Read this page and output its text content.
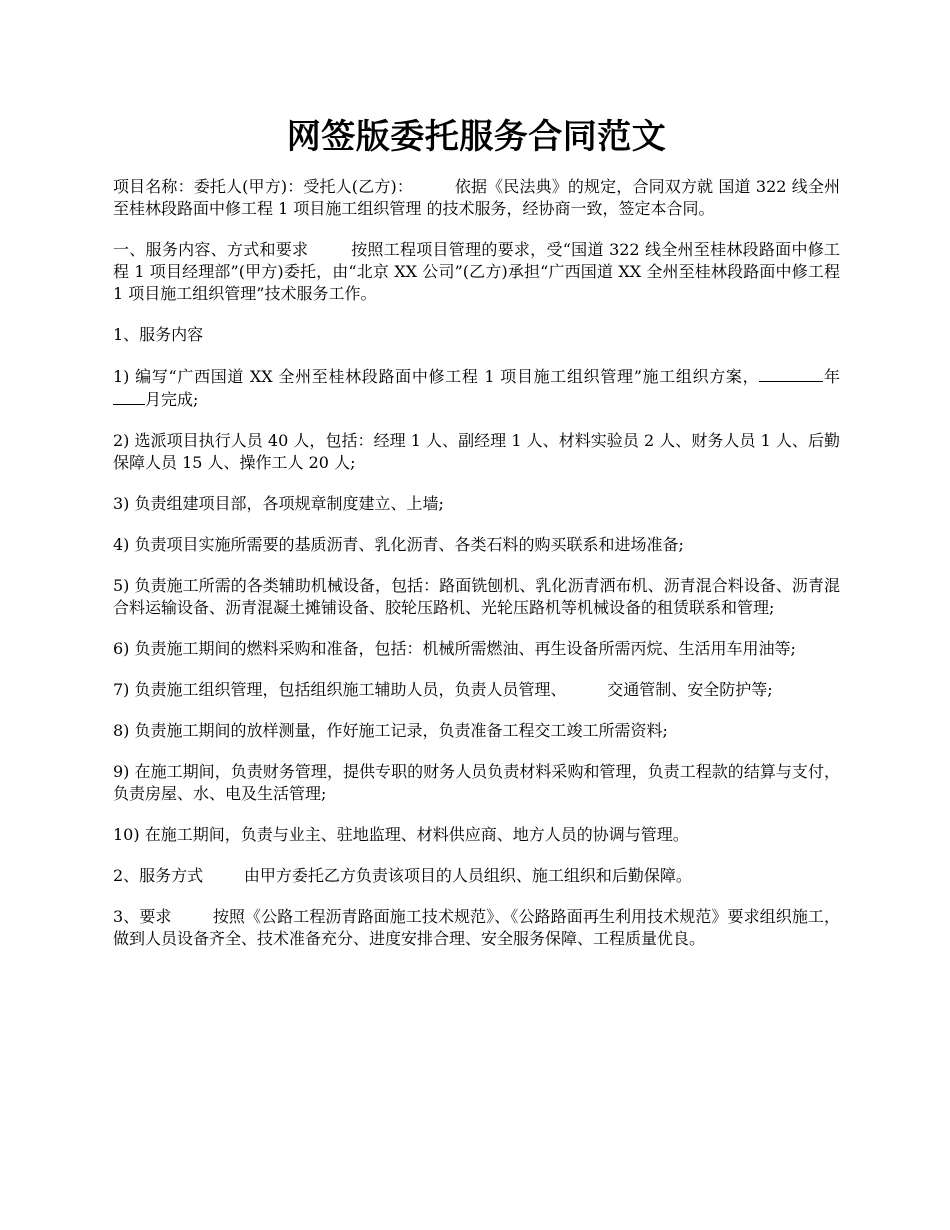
网签版委托服务合同范文

项目名称：委托人(甲方)：受托人(乙方)：        依据《民法典》的规定，合同双方就 国道 322 线全州至桂林段路面中修工程 1 项目施工组织管理 的技术服务，经协商一致，签定本合同。

一、服务内容、方式和要求        按照工程项目管理的要求，受“国道 322 线全州至桂林段路面中修工程 1 项目经理部”(甲方)委托，由“北京 XX 公司”(乙方)承担“广西国道 XX 全州至桂林段路面中修工程 1 项目施工组织管理”技术服务工作。

1、服务内容

1) 编写“广西国道 XX 全州至桂林段路面中修工程 1 项目施工组织管理”施工组织方案，	年月完成;

2) 选派项目执行人员 40 人，包括：经理 1 人、副经理 1 人、材料实验员 2 人、财务人员 1 人、后勤保障人员 15 人、操作工人 20 人;

3) 负责组建项目部，各项规章制度建立、上墙;

4) 负责项目实施所需要的基质沥青、乳化沥青、各类石料的购买联系和进场准备;

5) 负责施工所需的各类辅助机械设备，包括：路面铣刨机、乳化沥青洒布机、沥青混合料设备、沥青混合料运输设备、沥青混凝土摊铺设备、胶轮压路机、光轮压路机等机械设备的租赁联系和管理;

6) 负责施工期间的燃料采购和准备，包括：机械所需燃油、再生设备所需丙烷、生活用车用油等;

7) 负责施工组织管理，包括组织施工辅助人员，负责人员管理、        交通管制、安全防护等;

8) 负责施工期间的放样测量，作好施工记录，负责准备工程交工竣工所需资料;

9) 在施工期间，负责财务管理，提供专职的财务人员负责材料采购和管理，负责工程款的结算与支付，负责房屋、水、电及生活管理;

10) 在施工期间，负责与业主、驻地监理、材料供应商、地方人员的协调与管理。

2、服务方式        由甲方委托乙方负责该项目的人员组织、施工组织和后勤保障。

3、要求        按照《公路工程沥青路面施工技术规范》、《公路路面再生利用技术规范》要求组织施工，做到人员设备齐全、技术准备充分、进度安排合理、安全服务保障、工程质量优良。
